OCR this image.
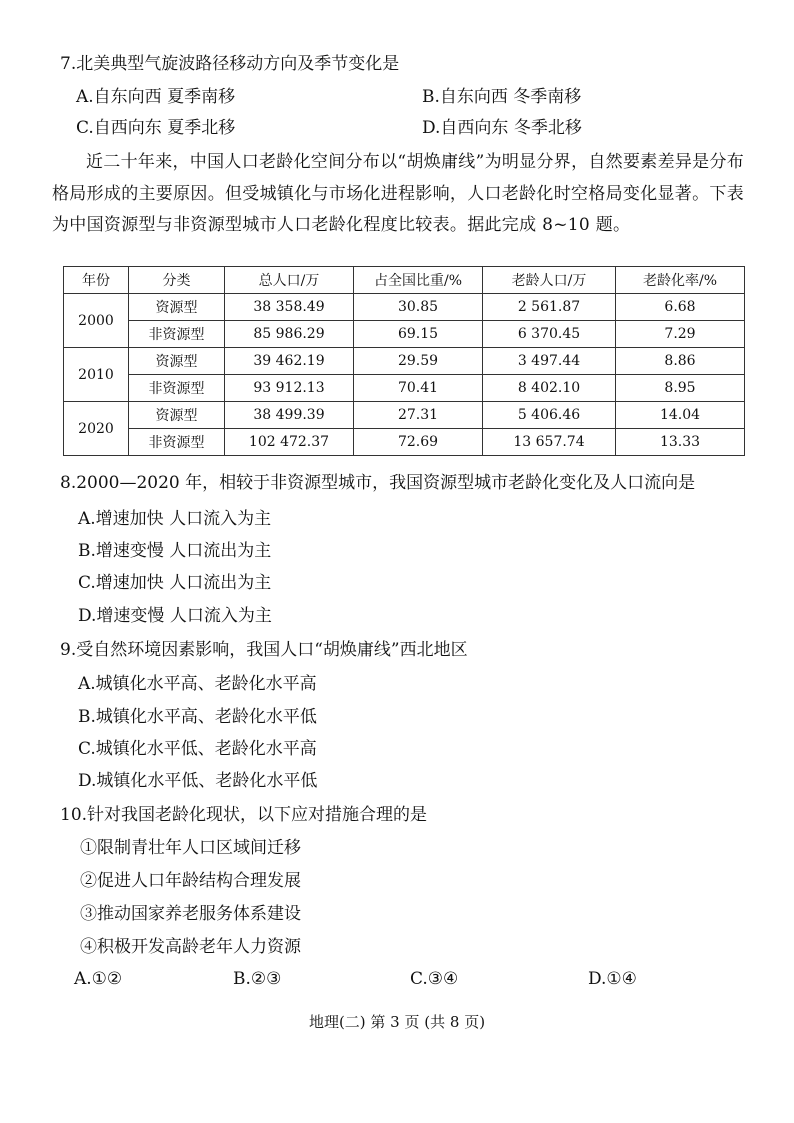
7.北美典型气旋波路径移动方向及季节变化是
A.自东向西 夏季南移	B.自东向西 冬季南移
C.自西向东 夏季北移	D.自西向东 冬季北移
近二十年来，中国人口老龄化空间分布以“胡焕庸线”为明显分界，自然要素差异是分布格局形成的主要原因。但受城镇化与市场化进程影响，人口老龄化时空格局变化显著。下表为中国资源型与非资源型城市人口老龄化程度比较表。据此完成 8~10 题。
年份	分类	总人口/万	占全国比重/%	老龄人口/万	老龄化率/%
2000	资源型	38 358.49	30.85	2 561.87	6.68
	非资源型	85 986.29	69.15	6 370.45	7.29
2010	资源型	39 462.19	29.59	3 497.44	8.86
	非资源型	93 912.13	70.41	8 402.10	8.95
2020	资源型	38 499.39	27.31	5 406.46	14.04
	非资源型	102 472.37	72.69	13 657.74	13.33
8.2000—2020 年，相较于非资源型城市，我国资源型城市老龄化变化及人口流向是
A.增速加快 人口流入为主
B.增速变慢 人口流出为主
C.增速加快 人口流出为主
D.增速变慢 人口流入为主
9.受自然环境因素影响，我国人口“胡焕庸线”西北地区
A.城镇化水平高、老龄化水平高
B.城镇化水平高、老龄化水平低
C.城镇化水平低、老龄化水平高
D.城镇化水平低、老龄化水平低
10.针对我国老龄化现状，以下应对措施合理的是
①限制青壮年人口区域间迁移
②促进人口年龄结构合理发展
③推动国家养老服务体系建设
④积极开发高龄老年人力资源
A.①②	B.②③	C.③④	D.①④
地理(二) 第 3 页 (共 8 页)
